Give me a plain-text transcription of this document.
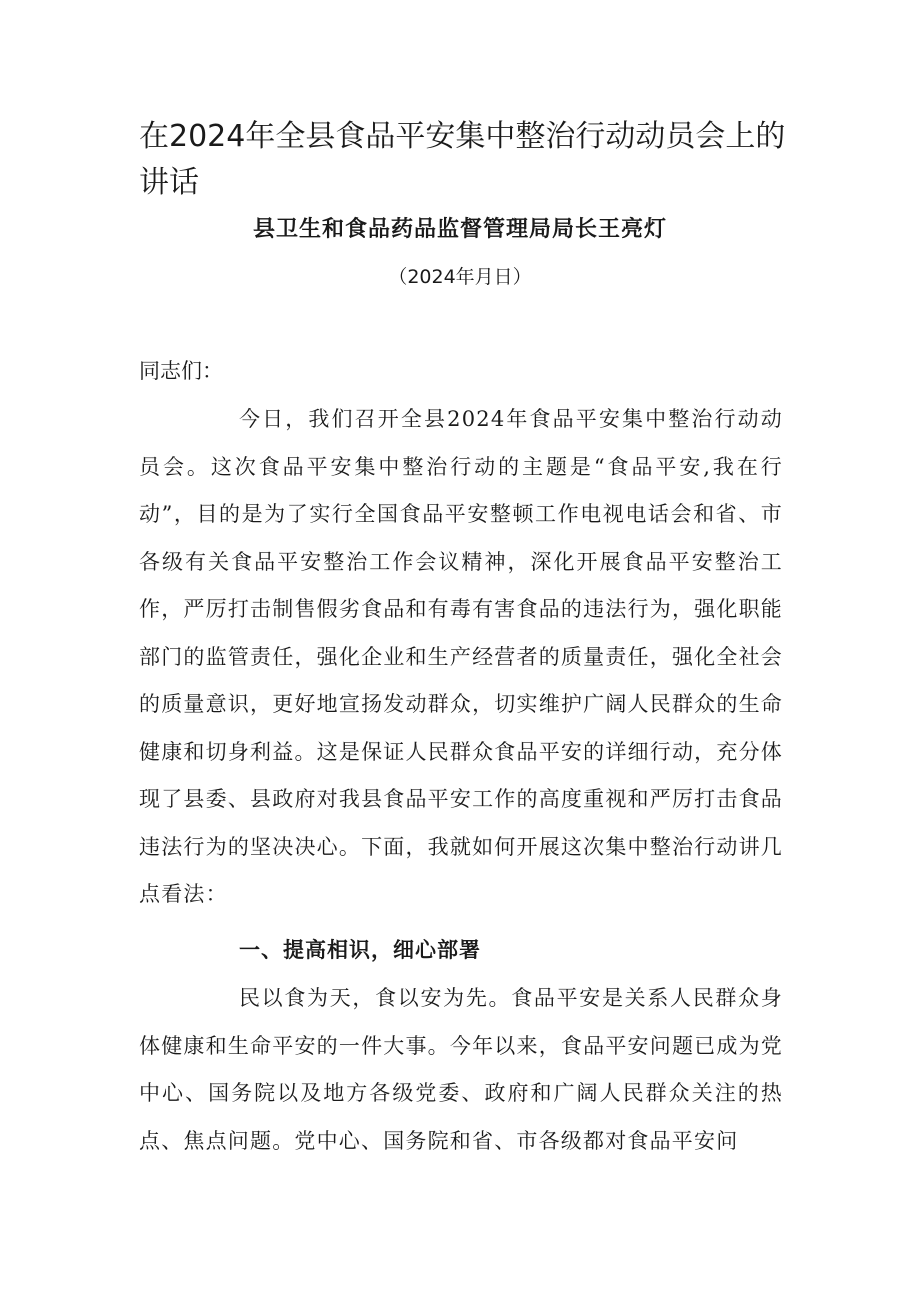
在2024年全县食品平安集中整治行动动员会上的讲话
县卫生和食品药品监督管理局局长王亮灯
（2024年月日）
同志们：

今日，我们召开全县2024年食品平安集中整治行动动员会。这次食品平安集中整治行动的主题是“食品平安,我在行动”，目的是为了实行全国食品平安整顿工作电视电话会和省、市各级有关食品平安整治工作会议精神，深化开展食品平安整治工作，严厉打击制售假劣食品和有毒有害食品的违法行为，强化职能部门的监管责任，强化企业和生产经营者的质量责任，强化全社会的质量意识，更好地宣扬发动群众，切实维护广阔人民群众的生命健康和切身利益。这是保证人民群众食品平安的详细行动，充分体现了县委、县政府对我县食品平安工作的高度重视和严厉打击食品违法行为的坚决决心。下面，我就如何开展这次集中整治行动讲几点看法：

一、提高相识，细心部署

民以食为天，食以安为先。食品平安是关系人民群众身体健康和生命平安的一件大事。今年以来，食品平安问题已成为党中心、国务院以及地方各级党委、政府和广阔人民群众关注的热点、焦点问题。党中心、国务院和省、市各级都对食品平安问
